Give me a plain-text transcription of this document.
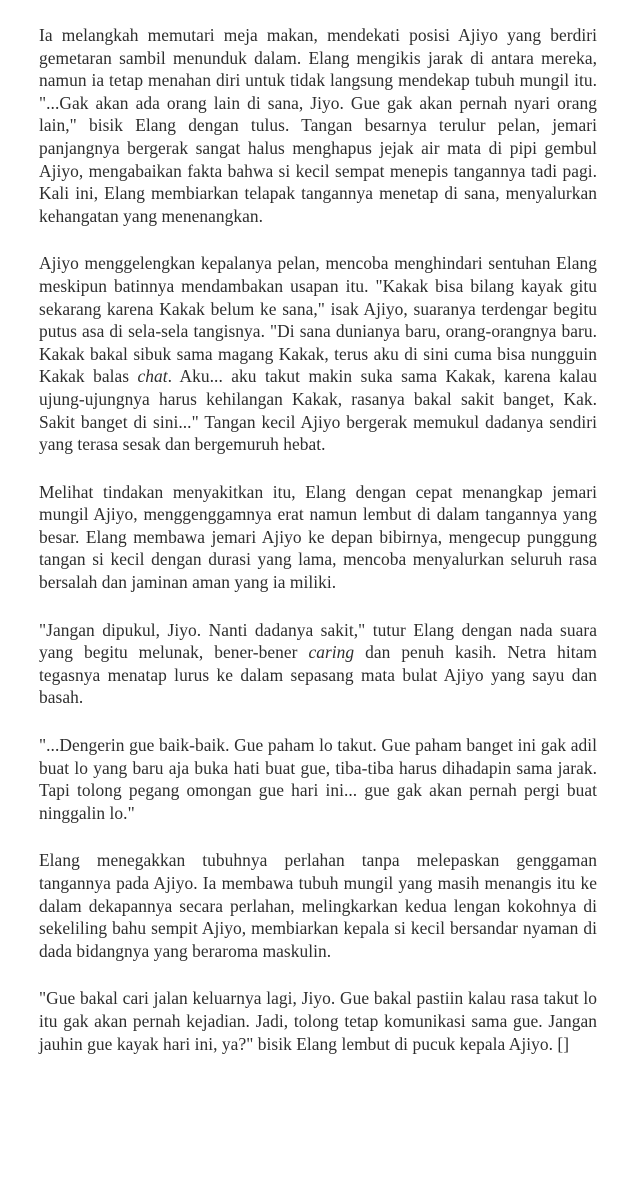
Ia melangkah memutari meja makan, mendekati posisi Ajiyo yang berdiri gemetaran sambil menunduk dalam. Elang mengikis jarak di antara mereka, namun ia tetap menahan diri untuk tidak langsung mendekap tubuh mungil itu. "...Gak akan ada orang lain di sana, Jiyo. Gue gak akan pernah nyari orang lain," bisik Elang dengan tulus. Tangan besarnya terulur pelan, jemari panjangnya bergerak sangat halus menghapus jejak air mata di pipi gembul Ajiyo, mengabaikan fakta bahwa si kecil sempat menepis tangannya tadi pagi. Kali ini, Elang membiarkan telapak tangannya menetap di sana, menyalurkan kehangatan yang menenangkan.

Ajiyo menggelengkan kepalanya pelan, mencoba menghindari sentuhan Elang meskipun batinnya mendambakan usapan itu. "Kakak bisa bilang kayak gitu sekarang karena Kakak belum ke sana," isak Ajiyo, suaranya terdengar begitu putus asa di sela-sela tangisnya. "Di sana dunianya baru, orang-orangnya baru. Kakak bakal sibuk sama magang Kakak, terus aku di sini cuma bisa nungguin Kakak balas chat. Aku... aku takut makin suka sama Kakak, karena kalau ujung-ujungnya harus kehilangan Kakak, rasanya bakal sakit banget, Kak. Sakit banget di sini..." Tangan kecil Ajiyo bergerak memukul dadanya sendiri yang terasa sesak dan bergemuruh hebat.

Melihat tindakan menyakitkan itu, Elang dengan cepat menangkap jemari mungil Ajiyo, menggenggamnya erat namun lembut di dalam tangannya yang besar. Elang membawa jemari Ajiyo ke depan bibirnya, mengecup punggung tangan si kecil dengan durasi yang lama, mencoba menyalurkan seluruh rasa bersalah dan jaminan aman yang ia miliki.

"Jangan dipukul, Jiyo. Nanti dadanya sakit," tutur Elang dengan nada suara yang begitu melunak, bener-bener caring dan penuh kasih. Netra hitam tegasnya menatap lurus ke dalam sepasang mata bulat Ajiyo yang sayu dan basah.

"...Dengerin gue baik-baik. Gue paham lo takut. Gue paham banget ini gak adil buat lo yang baru aja buka hati buat gue, tiba-tiba harus dihadapin sama jarak. Tapi tolong pegang omongan gue hari ini... gue gak akan pernah pergi buat ninggalin lo."

Elang menegakkan tubuhnya perlahan tanpa melepaskan genggaman tangannya pada Ajiyo. Ia membawa tubuh mungil yang masih menangis itu ke dalam dekapannya secara perlahan, melingkarkan kedua lengan kokohnya di sekeliling bahu sempit Ajiyo, membiarkan kepala si kecil bersandar nyaman di dada bidangnya yang beraroma maskulin.

"Gue bakal cari jalan keluarnya lagi, Jiyo. Gue bakal pastiin kalau rasa takut lo itu gak akan pernah kejadian. Jadi, tolong tetap komunikasi sama gue. Jangan jauhin gue kayak hari ini, ya?" bisik Elang lembut di pucuk kepala Ajiyo. []
